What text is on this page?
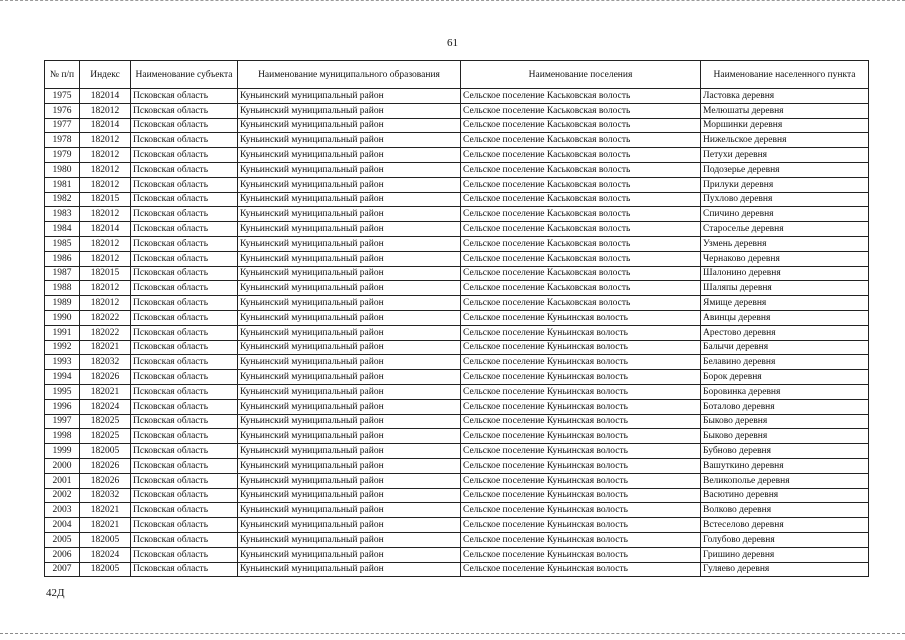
61
№ п/п	Индекс	Наименование субъекта	Наименование муниципального образования	Наименование поселения	Наименование населенного пункта
1975	182014	Псковская область	Куньинский муниципальный район	Сельское поселение Каськовская волость	Ластовка деревня
1976	182012	Псковская область	Куньинский муниципальный район	Сельское поселение Каськовская волость	Мелюшаты деревня
1977	182014	Псковская область	Куньинский муниципальный район	Сельское поселение Каськовская волость	Моршинки деревня
1978	182012	Псковская область	Куньинский муниципальный район	Сельское поселение Каськовская волость	Нижельское деревня
1979	182012	Псковская область	Куньинский муниципальный район	Сельское поселение Каськовская волость	Петухи деревня
1980	182012	Псковская область	Куньинский муниципальный район	Сельское поселение Каськовская волость	Подозерье деревня
1981	182012	Псковская область	Куньинский муниципальный район	Сельское поселение Каськовская волость	Прилуки деревня
1982	182015	Псковская область	Куньинский муниципальный район	Сельское поселение Каськовская волость	Пухлово деревня
1983	182012	Псковская область	Куньинский муниципальный район	Сельское поселение Каськовская волость	Спичино деревня
1984	182014	Псковская область	Куньинский муниципальный район	Сельское поселение Каськовская волость	Староселье деревня
1985	182012	Псковская область	Куньинский муниципальный район	Сельское поселение Каськовская волость	Узмень деревня
1986	182012	Псковская область	Куньинский муниципальный район	Сельское поселение Каськовская волость	Чернаково деревня
1987	182015	Псковская область	Куньинский муниципальный район	Сельское поселение Каськовская волость	Шалонино деревня
1988	182012	Псковская область	Куньинский муниципальный район	Сельское поселение Каськовская волость	Шаляпы деревня
1989	182012	Псковская область	Куньинский муниципальный район	Сельское поселение Каськовская волость	Ямище деревня
1990	182022	Псковская область	Куньинский муниципальный район	Сельское поселение Куньинская волость	Авинцы деревня
1991	182022	Псковская область	Куньинский муниципальный район	Сельское поселение Куньинская волость	Арестово деревня
1992	182021	Псковская область	Куньинский муниципальный район	Сельское поселение Куньинская волость	Балычи деревня
1993	182032	Псковская область	Куньинский муниципальный район	Сельское поселение Куньинская волость	Белавино деревня
1994	182026	Псковская область	Куньинский муниципальный район	Сельское поселение Куньинская волость	Борок деревня
1995	182021	Псковская область	Куньинский муниципальный район	Сельское поселение Куньинская волость	Боровинка деревня
1996	182024	Псковская область	Куньинский муниципальный район	Сельское поселение Куньинская волость	Боталово деревня
1997	182025	Псковская область	Куньинский муниципальный район	Сельское поселение Куньинская волость	Быково деревня
1998	182025	Псковская область	Куньинский муниципальный район	Сельское поселение Куньинская волость	Быково деревня
1999	182005	Псковская область	Куньинский муниципальный район	Сельское поселение Куньинская волость	Бубново деревня
2000	182026	Псковская область	Куньинский муниципальный район	Сельское поселение Куньинская волость	Вашуткино деревня
2001	182026	Псковская область	Куньинский муниципальный район	Сельское поселение Куньинская волость	Великополье деревня
2002	182032	Псковская область	Куньинский муниципальный район	Сельское поселение Куньинская волость	Васютино деревня
2003	182021	Псковская область	Куньинский муниципальный район	Сельское поселение Куньинская волость	Волково деревня
2004	182021	Псковская область	Куньинский муниципальный район	Сельское поселение Куньинская волость	Встеселово деревня
2005	182005	Псковская область	Куньинский муниципальный район	Сельское поселение Куньинская волость	Голубово деревня
2006	182024	Псковская область	Куньинский муниципальный район	Сельское поселение Куньинская волость	Гришино деревня
2007	182005	Псковская область	Куньинский муниципальный район	Сельское поселение Куньинская волость	Гуляево деревня
42Д
